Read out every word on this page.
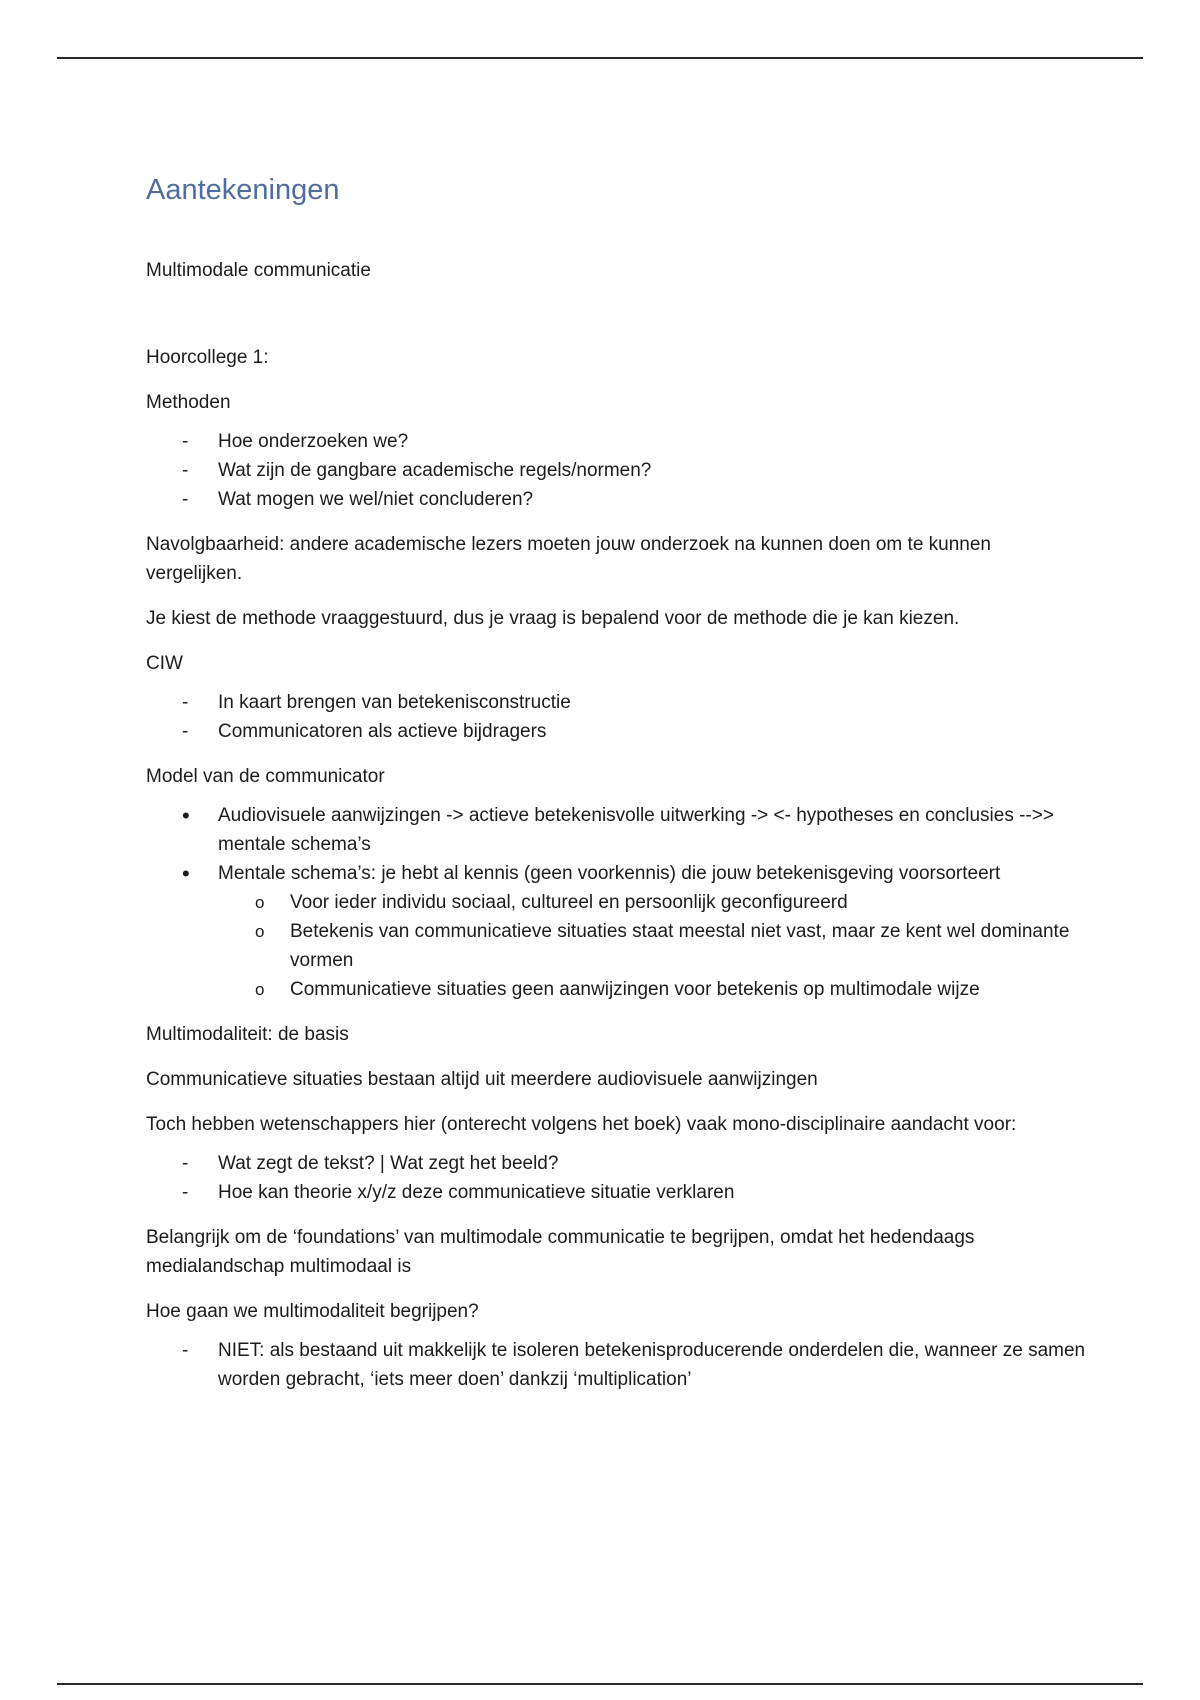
Aantekeningen

Multimodale communicatie

Hoorcollege 1:

Methoden

- Hoe onderzoeken we?
- Wat zijn de gangbare academische regels/normen?
- Wat mogen we wel/niet concluderen?

Navolgbaarheid: andere academische lezers moeten jouw onderzoek na kunnen doen om te kunnen vergelijken.

Je kiest de methode vraaggestuurd, dus je vraag is bepalend voor de methode die je kan kiezen.

CIW

- In kaart brengen van betekenisconstructie
- Communicatoren als actieve bijdragers

Model van de communicator

• Audiovisuele aanwijzingen -> actieve betekenisvolle uitwerking -> <- hypotheses en conclusies -->> mentale schema’s
• Mentale schema’s: je hebt al kennis (geen voorkennis) die jouw betekenisgeving voorsorteert
o Voor ieder individu sociaal, cultureel en persoonlijk geconfigureerd
o Betekenis van communicatieve situaties staat meestal niet vast, maar ze kent wel dominante vormen
o Communicatieve situaties geen aanwijzingen voor betekenis op multimodale wijze

Multimodaliteit: de basis

Communicatieve situaties bestaan altijd uit meerdere audiovisuele aanwijzingen

Toch hebben wetenschappers hier (onterecht volgens het boek) vaak mono-disciplinaire aandacht voor:

- Wat zegt de tekst? | Wat zegt het beeld?
- Hoe kan theorie x/y/z deze communicatieve situatie verklaren

Belangrijk om de ‘foundations’ van multimodale communicatie te begrijpen, omdat het hedendaags medialandschap multimodaal is

Hoe gaan we multimodaliteit begrijpen?

- NIET: als bestaand uit makkelijk te isoleren betekenisproducerende onderdelen die, wanneer ze samen worden gebracht, ‘iets meer doen’ dankzij ‘multiplication’
